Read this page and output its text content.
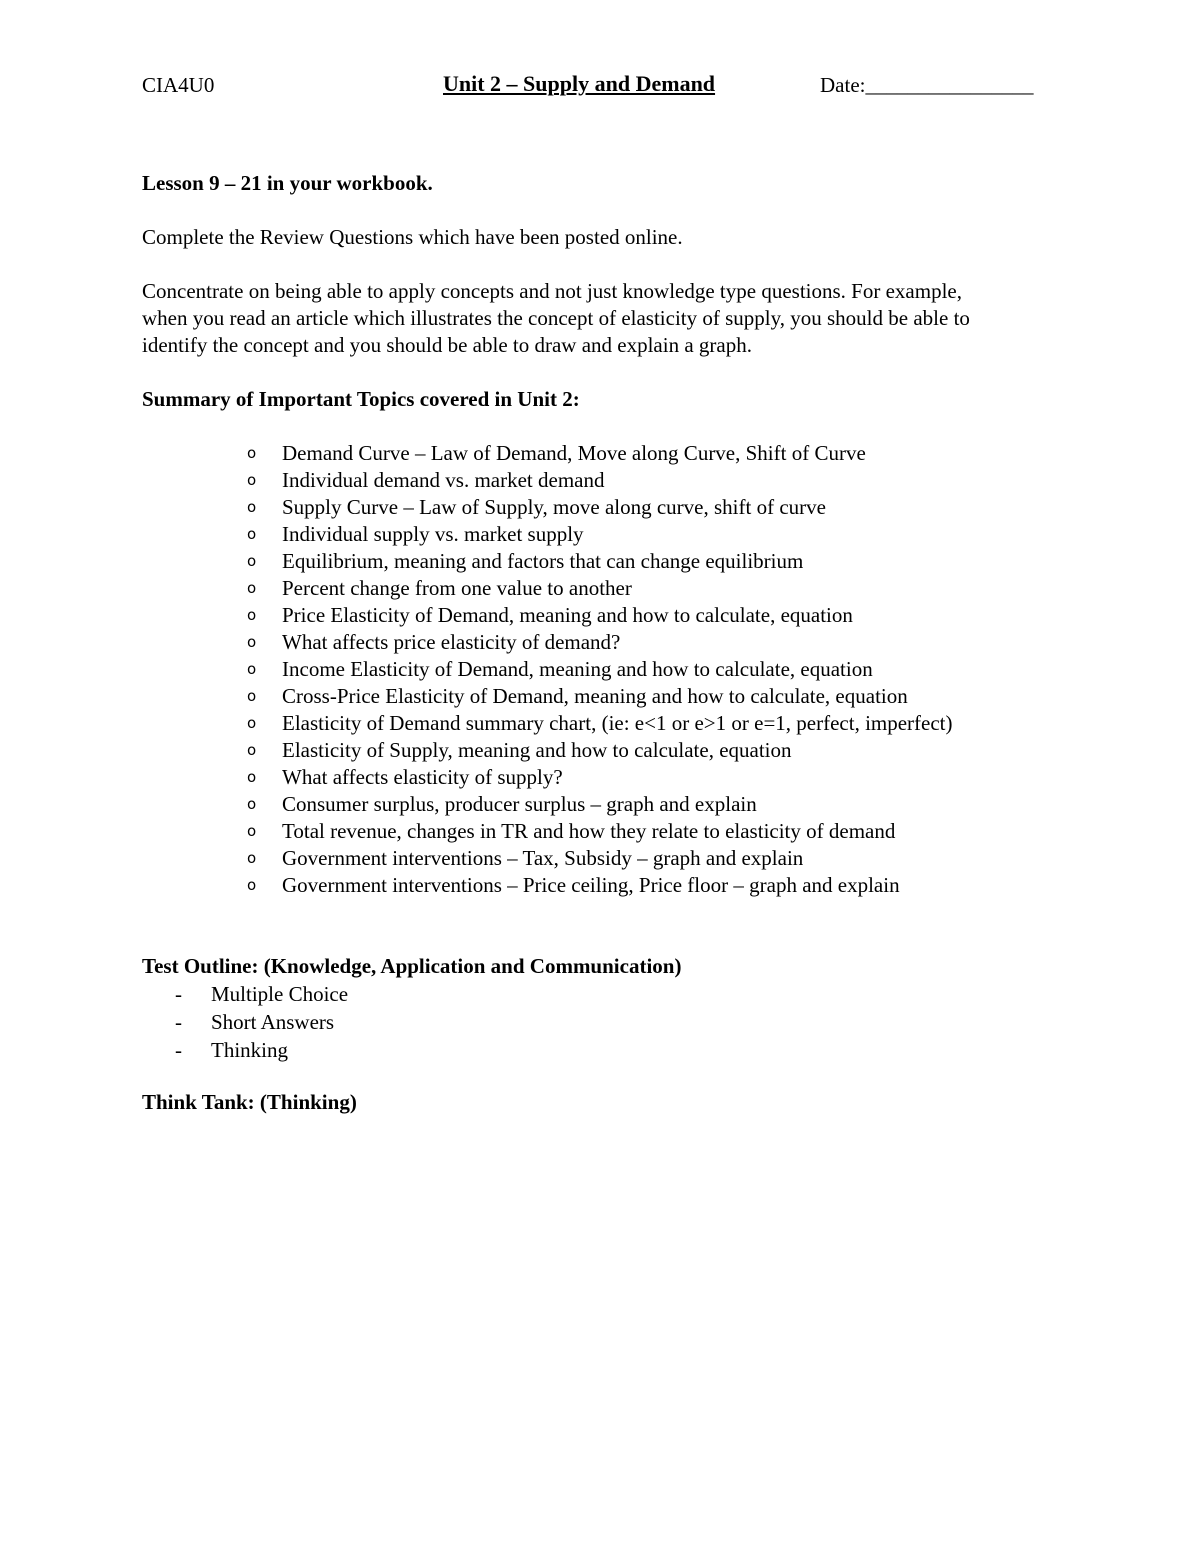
CIA4U0	Unit 2 – Supply and Demand	Date:________________
Lesson 9 – 21 in your workbook.
Complete the Review Questions which have been posted online.
Concentrate on being able to apply concepts and not just knowledge type questions. For example,
when you read an article which illustrates the concept of elasticity of supply, you should be able to
identify the concept and you should be able to draw and explain a graph.
Summary of Important Topics covered in Unit 2:
o Demand Curve – Law of Demand, Move along Curve, Shift of Curve
o Individual demand vs. market demand
o Supply Curve – Law of Supply, move along curve, shift of curve
o Individual supply vs. market supply
o Equilibrium, meaning and factors that can change equilibrium
o Percent change from one value to another
o Price Elasticity of Demand, meaning and how to calculate, equation
o What affects price elasticity of demand?
o Income Elasticity of Demand, meaning and how to calculate, equation
o Cross-Price Elasticity of Demand, meaning and how to calculate, equation
o Elasticity of Demand summary chart, (ie: e<1 or e>1 or e=1, perfect, imperfect)
o Elasticity of Supply, meaning and how to calculate, equation
o What affects elasticity of supply?
o Consumer surplus, producer surplus – graph and explain
o Total revenue, changes in TR and how they relate to elasticity of demand
o Government interventions – Tax, Subsidy – graph and explain
o Government interventions – Price ceiling, Price floor – graph and explain
Test Outline: (Knowledge, Application and Communication)
- Multiple Choice
- Short Answers
- Thinking
Think Tank: (Thinking)
